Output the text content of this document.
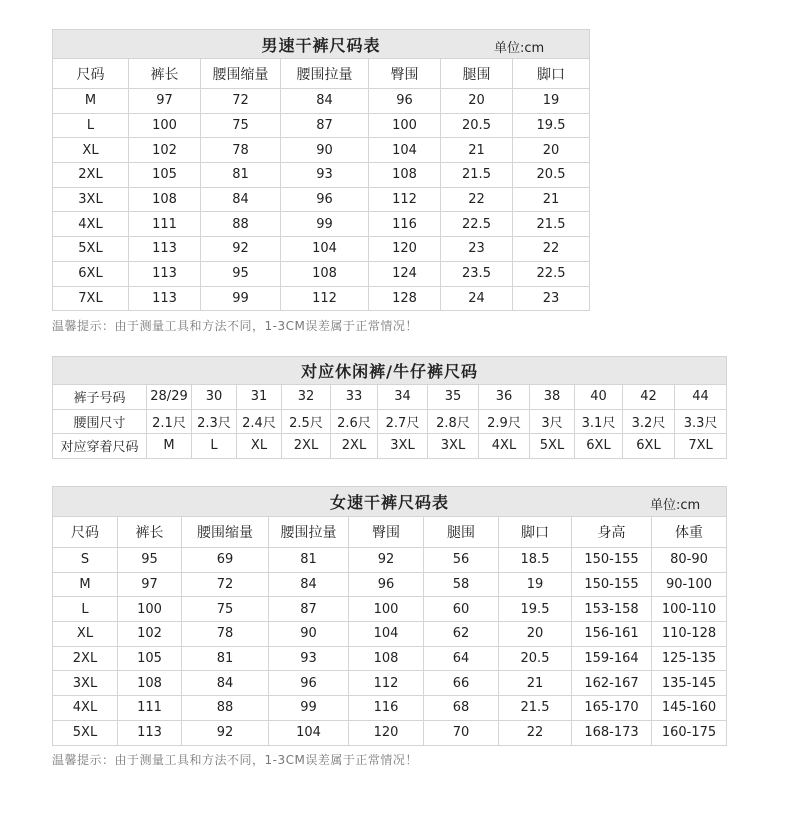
男速干裤尺码表 单位:cm						

尺码	裤长	腰围缩量	腰围拉量	臀围	腿围	脚口
M	97	72	84	96	20	19
L	100	75	87	100	20.5	19.5
XL	102	78	90	104	21	20
2XL	105	81	93	108	21.5	20.5
3XL	108	84	96	112	22	21
4XL	111	88	99	116	22.5	21.5
5XL	113	92	104	120	23	22
6XL	113	95	108	124	23.5	22.5
7XL	113	99	112	128	24	23
温馨提示：由于测量工具和方法不同，1-3CM误差属于正常情况！
对应休闲裤/牛仔裤尺码												
裤子号码	28/29	30	31	32	33	34	35	36	38	40	42	44
腰围尺寸	2.1尺	2.3尺	2.4尺	2.5尺	2.6尺	2.7尺	2.8尺	2.9尺	3尺	3.1尺	3.2尺	3.3尺
对应穿着尺码	M	L	XL	2XL	2XL	3XL	3XL	4XL	5XL	6XL	6XL	7XL
女速干裤尺码表 单位:cm								

尺码	裤长	腰围缩量	腰围拉量	臀围	腿围	脚口	身高	体重
S	95	69	81	92	56	18.5	150-155	80-90
M	97	72	84	96	58	19	150-155	90-100
L	100	75	87	100	60	19.5	153-158	100-110
XL	102	78	90	104	62	20	156-161	110-128
2XL	105	81	93	108	64	20.5	159-164	125-135
3XL	108	84	96	112	66	21	162-167	135-145
4XL	111	88	99	116	68	21.5	165-170	145-160
5XL	113	92	104	120	70	22	168-173	160-175
温馨提示：由于测量工具和方法不同，1-3CM误差属于正常情况！
